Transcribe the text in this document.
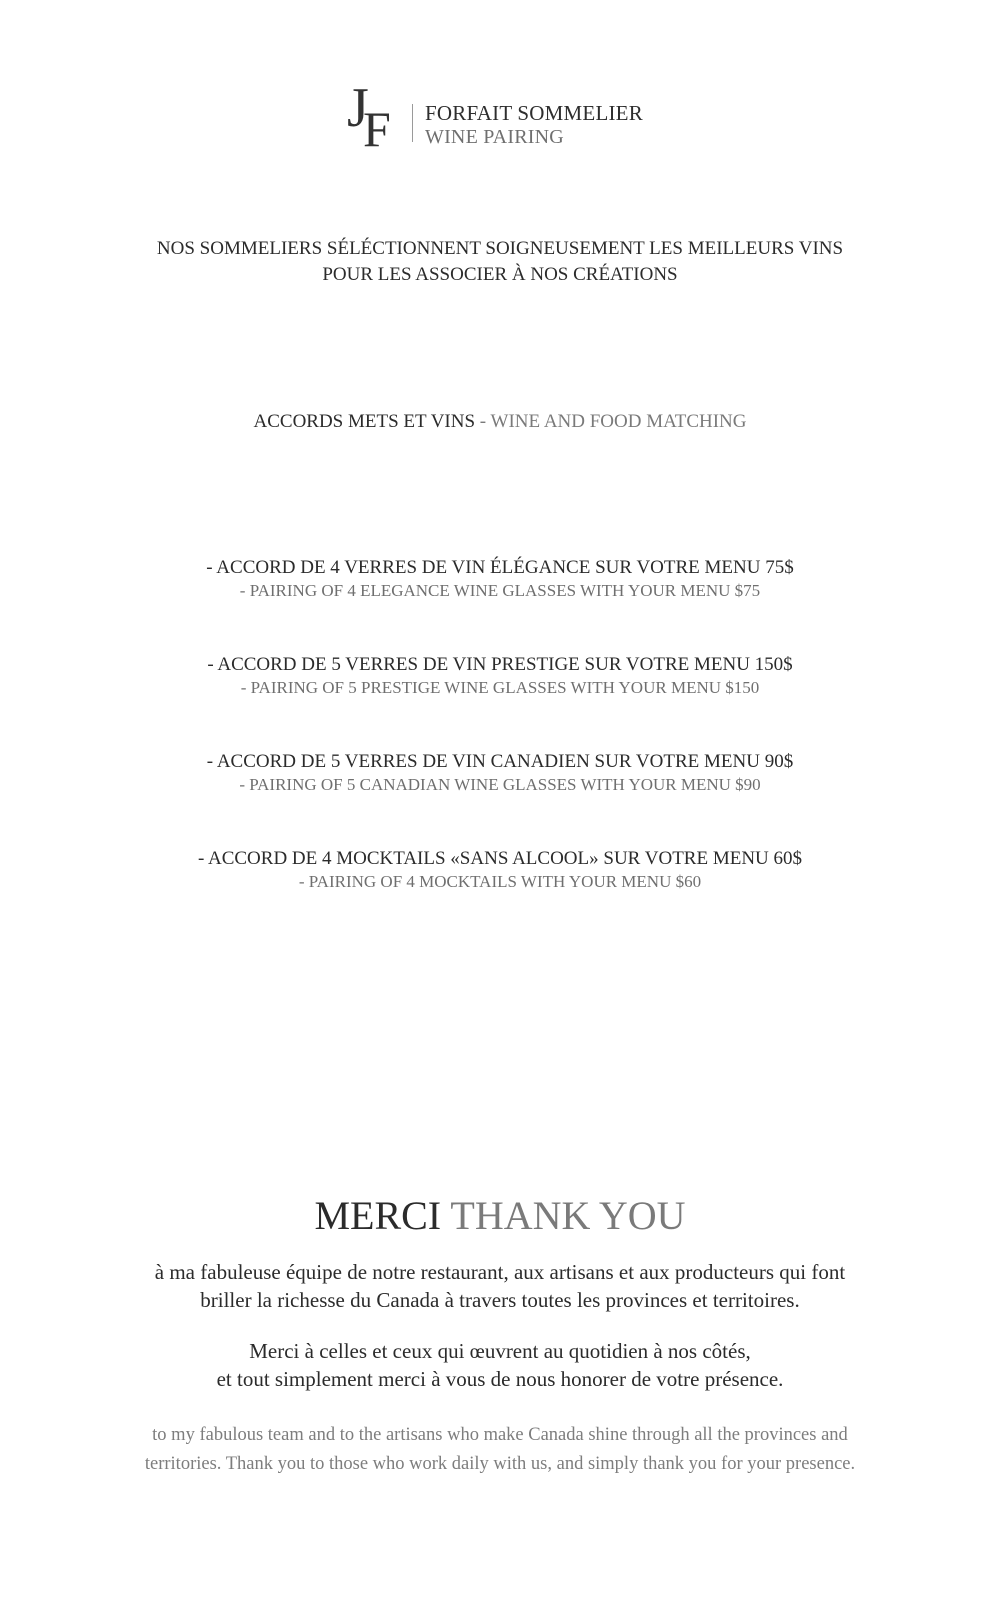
J
F FORFAIT SOMMELIER
WINE PAIRING
NOS SOMMELIERS SÉLÉCTIONNENT SOIGNEUSEMENT LES MEILLEURS VINS
POUR LES ASSOCIER À NOS CRÉATIONS
ACCORDS METS ET VINS - WINE AND FOOD MATCHING
- ACCORD DE 4 VERRES DE VIN ÉLÉGANCE SUR VOTRE MENU 75$
- PAIRING OF 4 ELEGANCE WINE GLASSES WITH YOUR MENU $75
- ACCORD DE 5 VERRES DE VIN PRESTIGE SUR VOTRE MENU 150$
- PAIRING OF 5 PRESTIGE WINE GLASSES WITH YOUR MENU $150
- ACCORD DE 5 VERRES DE VIN CANADIEN SUR VOTRE MENU 90$
- PAIRING OF 5 CANADIAN WINE GLASSES WITH YOUR MENU $90
- ACCORD DE 4 MOCKTAILS «SANS ALCOOL» SUR VOTRE MENU 60$
- PAIRING OF 4 MOCKTAILS WITH YOUR MENU $60
MERCI THANK YOU
à ma fabuleuse équipe de notre restaurant, aux artisans et aux producteurs qui font
briller la richesse du Canada à travers toutes les provinces et territoires.
Merci à celles et ceux qui œuvrent au quotidien à nos côtés,
et tout simplement merci à vous de nous honorer de votre présence.
to my fabulous team and to the artisans who make Canada shine through all the provinces and
territories. Thank you to those who work daily with us, and simply thank you for your presence.
